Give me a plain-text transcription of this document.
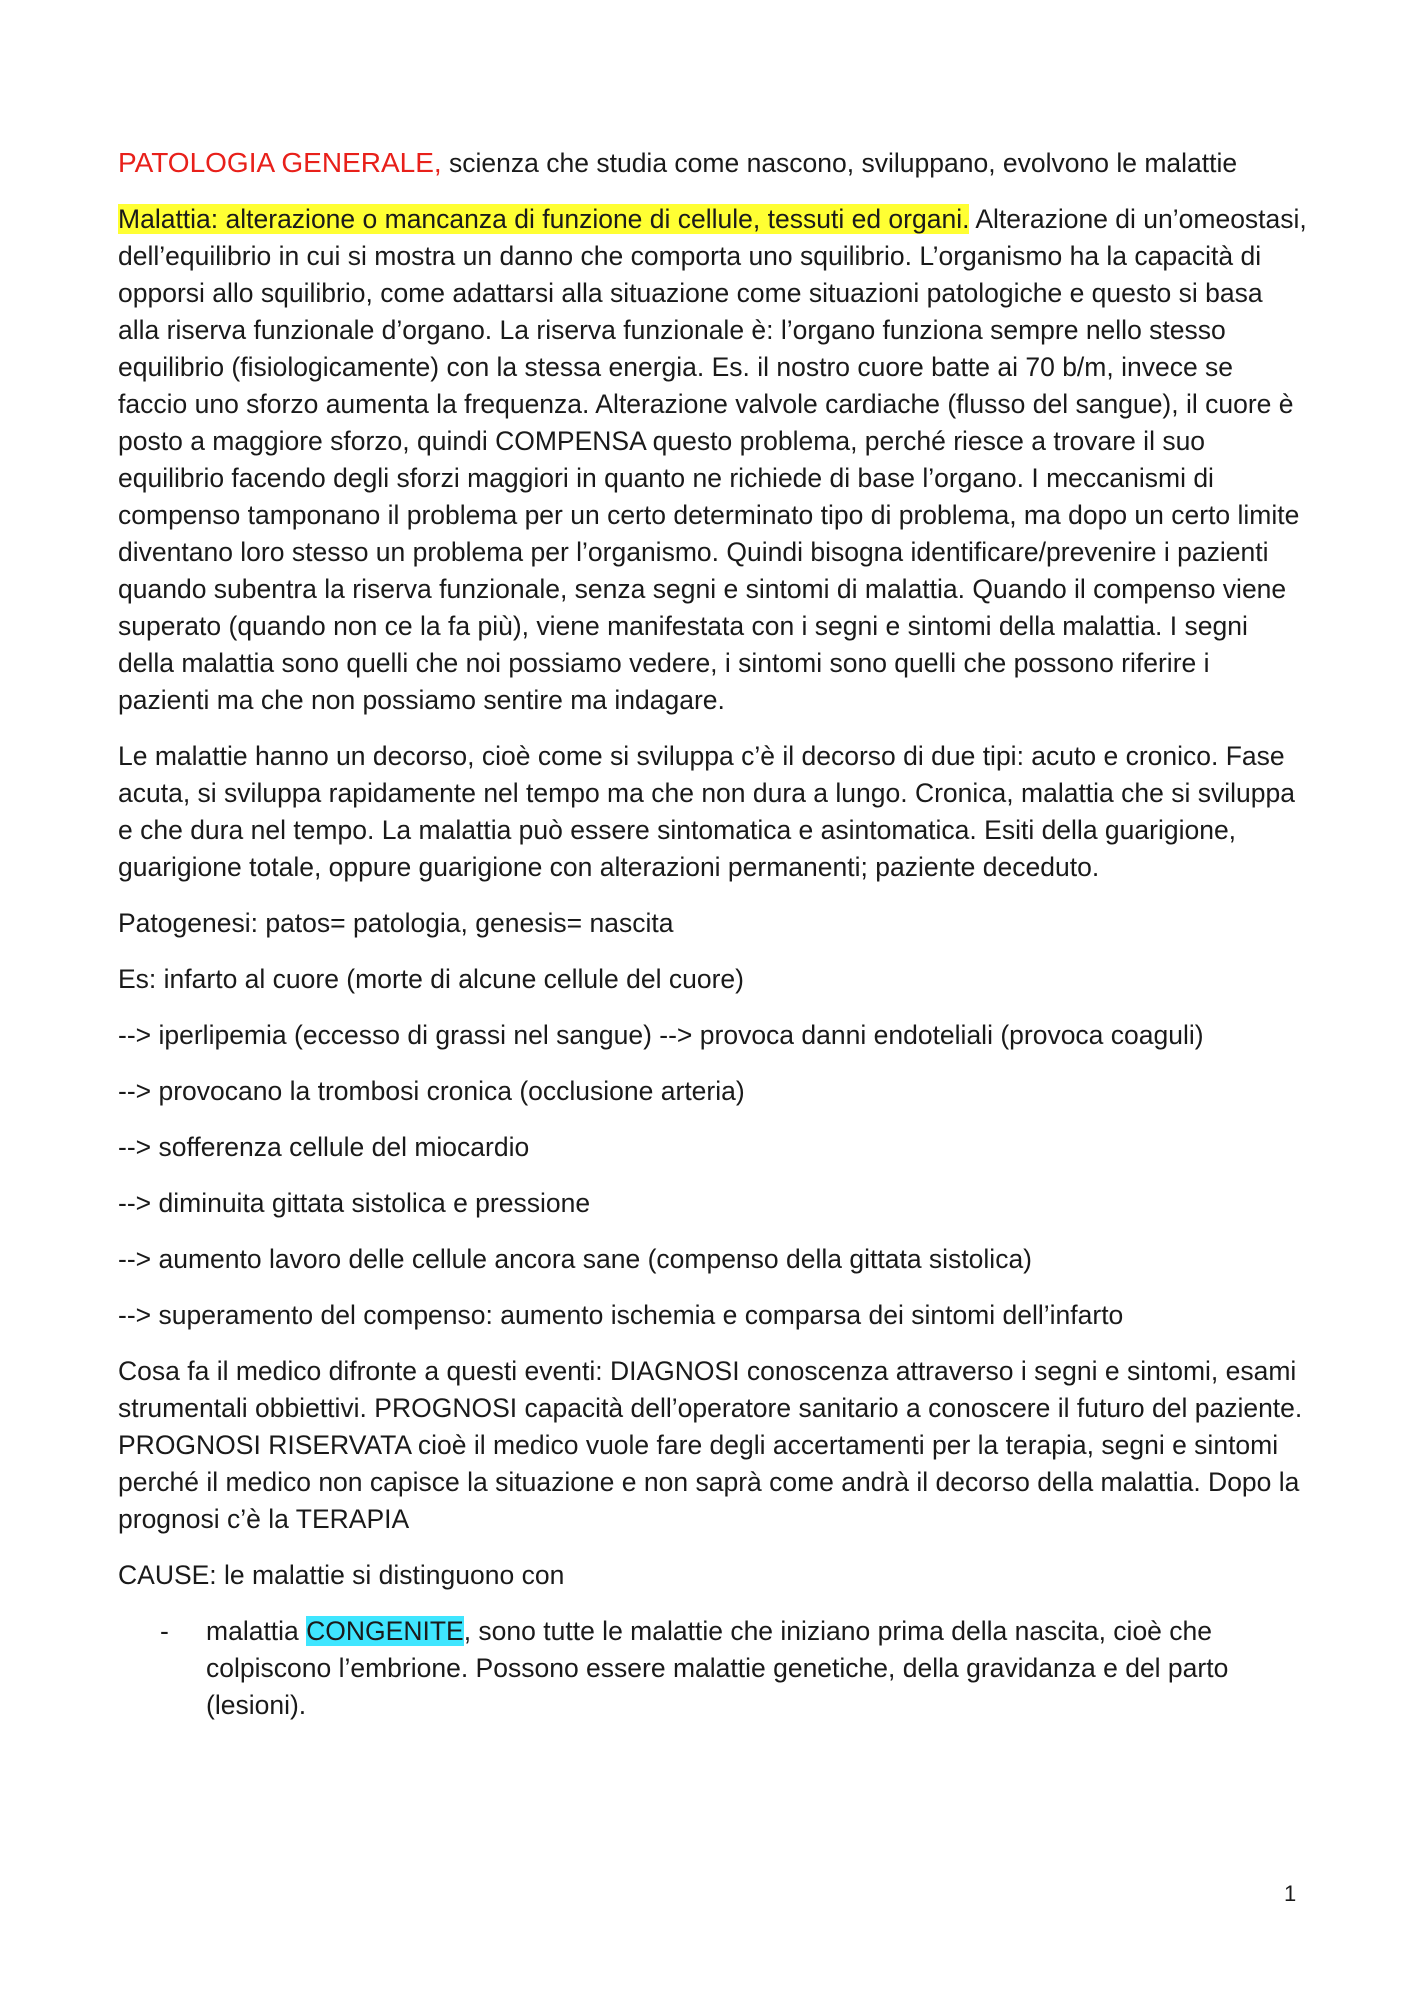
PATOLOGIA GENERALE, scienza che studia come nascono, sviluppano, evolvono le malattie

Malattia: alterazione o mancanza di funzione di cellule, tessuti ed organi. Alterazione di un’omeostasi, dell’equilibrio in cui si mostra un danno che comporta uno squilibrio. L’organismo ha la capacità di opporsi allo squilibrio, come adattarsi alla situazione come situazioni patologiche e questo si basa alla riserva funzionale d’organo. La riserva funzionale è: l’organo funziona sempre nello stesso equilibrio (fisiologicamente) con la stessa energia. Es. il nostro cuore batte ai 70 b/m, invece se faccio uno sforzo aumenta la frequenza. Alterazione valvole cardiache (flusso del sangue), il cuore è posto a maggiore sforzo, quindi COMPENSA questo problema, perché riesce a trovare il suo equilibrio facendo degli sforzi maggiori in quanto ne richiede di base l’organo. I meccanismi di compenso tamponano il problema per un certo determinato tipo di problema, ma dopo un certo limite diventano loro stesso un problema per l’organismo. Quindi bisogna identificare/prevenire i pazienti quando subentra la riserva funzionale, senza segni e sintomi di malattia. Quando il compenso viene superato (quando non ce la fa più), viene manifestata con i segni e sintomi della malattia. I segni della malattia sono quelli che noi possiamo vedere, i sintomi sono quelli che possono riferire i pazienti ma che non possiamo sentire ma indagare.

Le malattie hanno un decorso, cioè come si sviluppa c’è il decorso di due tipi: acuto e cronico. Fase acuta, si sviluppa rapidamente nel tempo ma che non dura a lungo. Cronica, malattia che si sviluppa e che dura nel tempo. La malattia può essere sintomatica e asintomatica. Esiti della guarigione, guarigione totale, oppure guarigione con alterazioni permanenti; paziente deceduto.

Patogenesi: patos= patologia, genesis= nascita

Es: infarto al cuore (morte di alcune cellule del cuore)

--> iperlipemia (eccesso di grassi nel sangue) --> provoca danni endoteliali (provoca coaguli)

--> provocano la trombosi cronica (occlusione arteria)

--> sofferenza cellule del miocardio

--> diminuita gittata sistolica e pressione

--> aumento lavoro delle cellule ancora sane (compenso della gittata sistolica)

--> superamento del compenso: aumento ischemia e comparsa dei sintomi dell’infarto

Cosa fa il medico difronte a questi eventi: DIAGNOSI conoscenza attraverso i segni e sintomi, esami strumentali obbiettivi. PROGNOSI capacità dell’operatore sanitario a conoscere il futuro del paziente. PROGNOSI RISERVATA cioè il medico vuole fare degli accertamenti per la terapia, segni e sintomi perché il medico non capisce la situazione e non saprà come andrà il decorso della malattia. Dopo la prognosi c’è la TERAPIA

CAUSE: le malattie si distinguono con

- malattia CONGENITE, sono tutte le malattie che iniziano prima della nascita, cioè che colpiscono l’embrione. Possono essere malattie genetiche, della gravidanza e del parto (lesioni).

1
